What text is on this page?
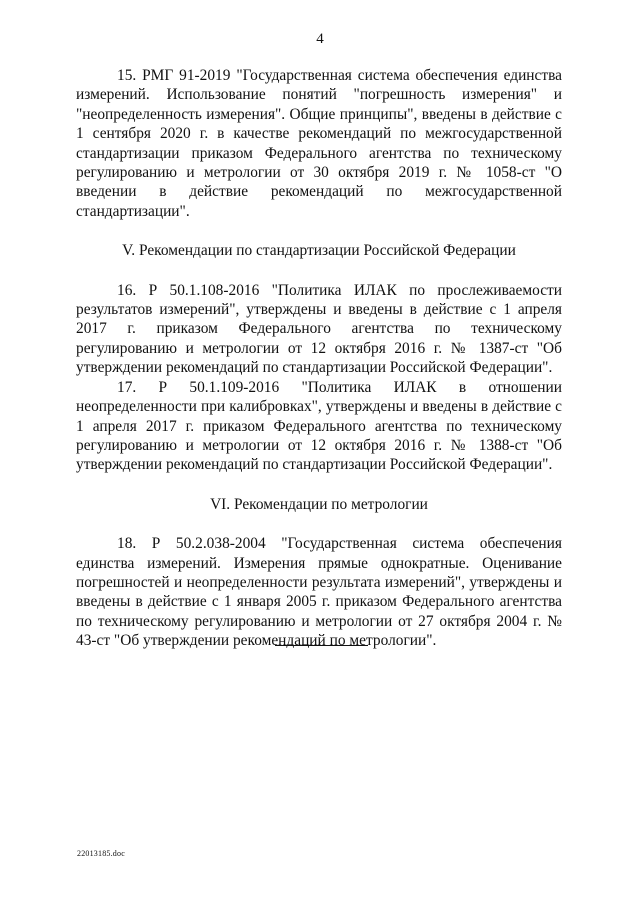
4

15. РМГ 91-2019 "Государственная система обеспечения единства измерений. Использование понятий "погрешность измерения" и "неопределенность измерения". Общие принципы", введены в действие с 1 сентября 2020 г. в качестве рекомендаций по межгосударственной стандартизации приказом Федерального агентства по техническому регулированию и метрологии от 30 октября 2019 г. № 1058-ст "О введении в действие рекомендаций по межгосударственной стандартизации".

V. Рекомендации по стандартизации Российской Федерации

16. Р 50.1.108-2016 "Политика ИЛАК по прослеживаемости результатов измерений", утверждены и введены в действие с 1 апреля 2017 г. приказом Федерального агентства по техническому регулированию и метрологии от 12 октября 2016 г. № 1387-ст "Об утверждении рекомендаций по стандартизации Российской Федерации".

17. Р 50.1.109-2016 "Политика ИЛАК в отношении неопределенности при калибровках", утверждены и введены в действие с 1 апреля 2017 г. приказом Федерального агентства по техническому регулированию и метрологии от 12 октября 2016 г. № 1388-ст "Об утверждении рекомендаций по стандартизации Российской Федерации".

VI. Рекомендации по метрологии

18. Р 50.2.038-2004 "Государственная система обеспечения единства измерений. Измерения прямые однократные. Оценивание погрешностей и неопределенности результата измерений", утверждены и введены в действие с 1 января 2005 г. приказом Федерального агентства по техническому регулированию и метрологии от 27 октября 2004 г. № 43-ст "Об утверждении рекомендаций по метрологии".

22013185.doc
